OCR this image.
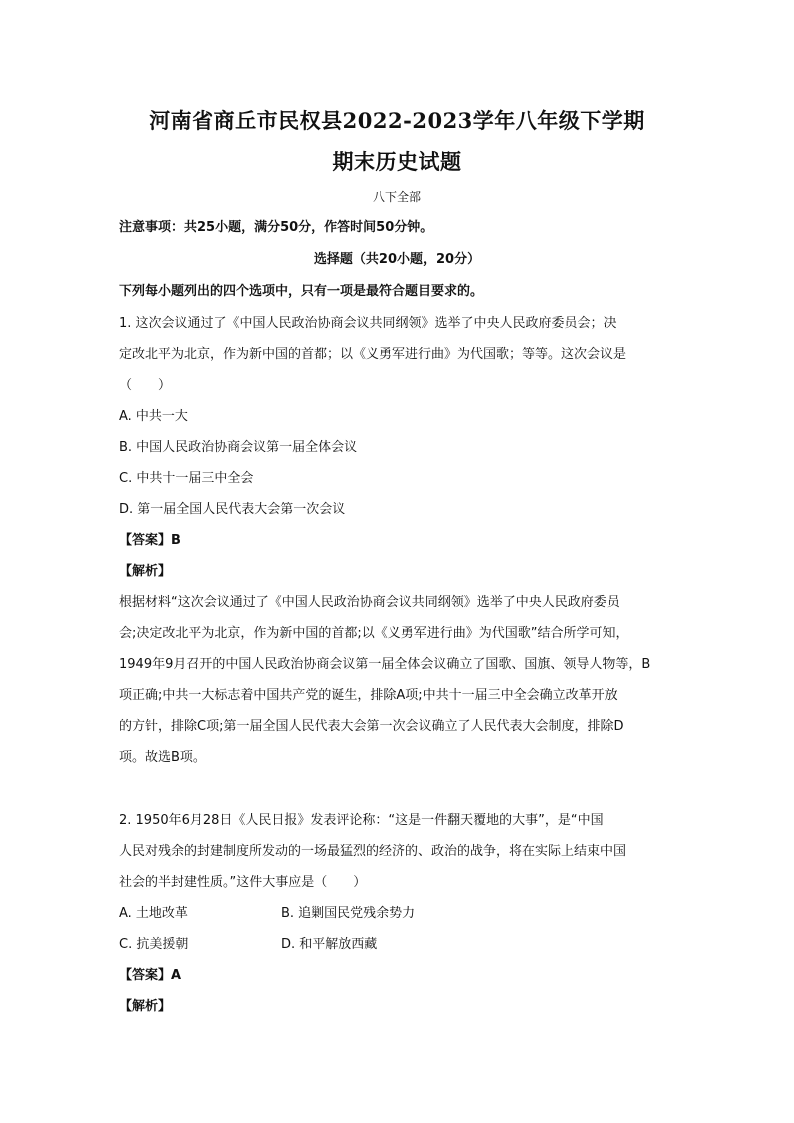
河南省商丘市民权县2022-2023学年八年级下学期
期末历史试题
八下全部
注意事项：共25小题，满分50分，作答时间50分钟。
选择题（共20小题，20分）
下列每小题列出的四个选项中，只有一项是最符合题目要求的。
1. 这次会议通过了《中国人民政治协商会议共同纲领》选举了中央人民政府委员会；决
定改北平为北京，作为新中国的首都；以《义勇军进行曲》为代国歌；等等。这次会议是
（　　）
A. 中共一大
B. 中国人民政治协商会议第一届全体会议
C. 中共十一届三中全会
D. 第一届全国人民代表大会第一次会议
【答案】B
【解析】
根据材料“这次会议通过了《中国人民政治协商会议共同纲领》选举了中央人民政府委员
会;决定改北平为北京，作为新中国的首都;以《义勇军进行曲》为代国歌”结合所学可知，
1949年9月召开的中国人民政治协商会议第一届全体会议确立了国歌、国旗、领导人物等，B
项正确;中共一大标志着中国共产党的诞生，排除A项;中共十一届三中全会确立改革开放
的方针，排除C项;第一届全国人民代表大会第一次会议确立了人民代表大会制度，排除D
项。故选B项。
2. 1950年6月28日《人民日报》发表评论称：“这是一件翻天覆地的大事”，是“中国
人民对残余的封建制度所发动的一场最猛烈的经济的、政治的战争，将在实际上结束中国
社会的半封建性质。”这件大事应是（　　）
A. 土地改革	B. 追剿国民党残余势力
C. 抗美援朝	D. 和平解放西藏
【答案】A
【解析】
